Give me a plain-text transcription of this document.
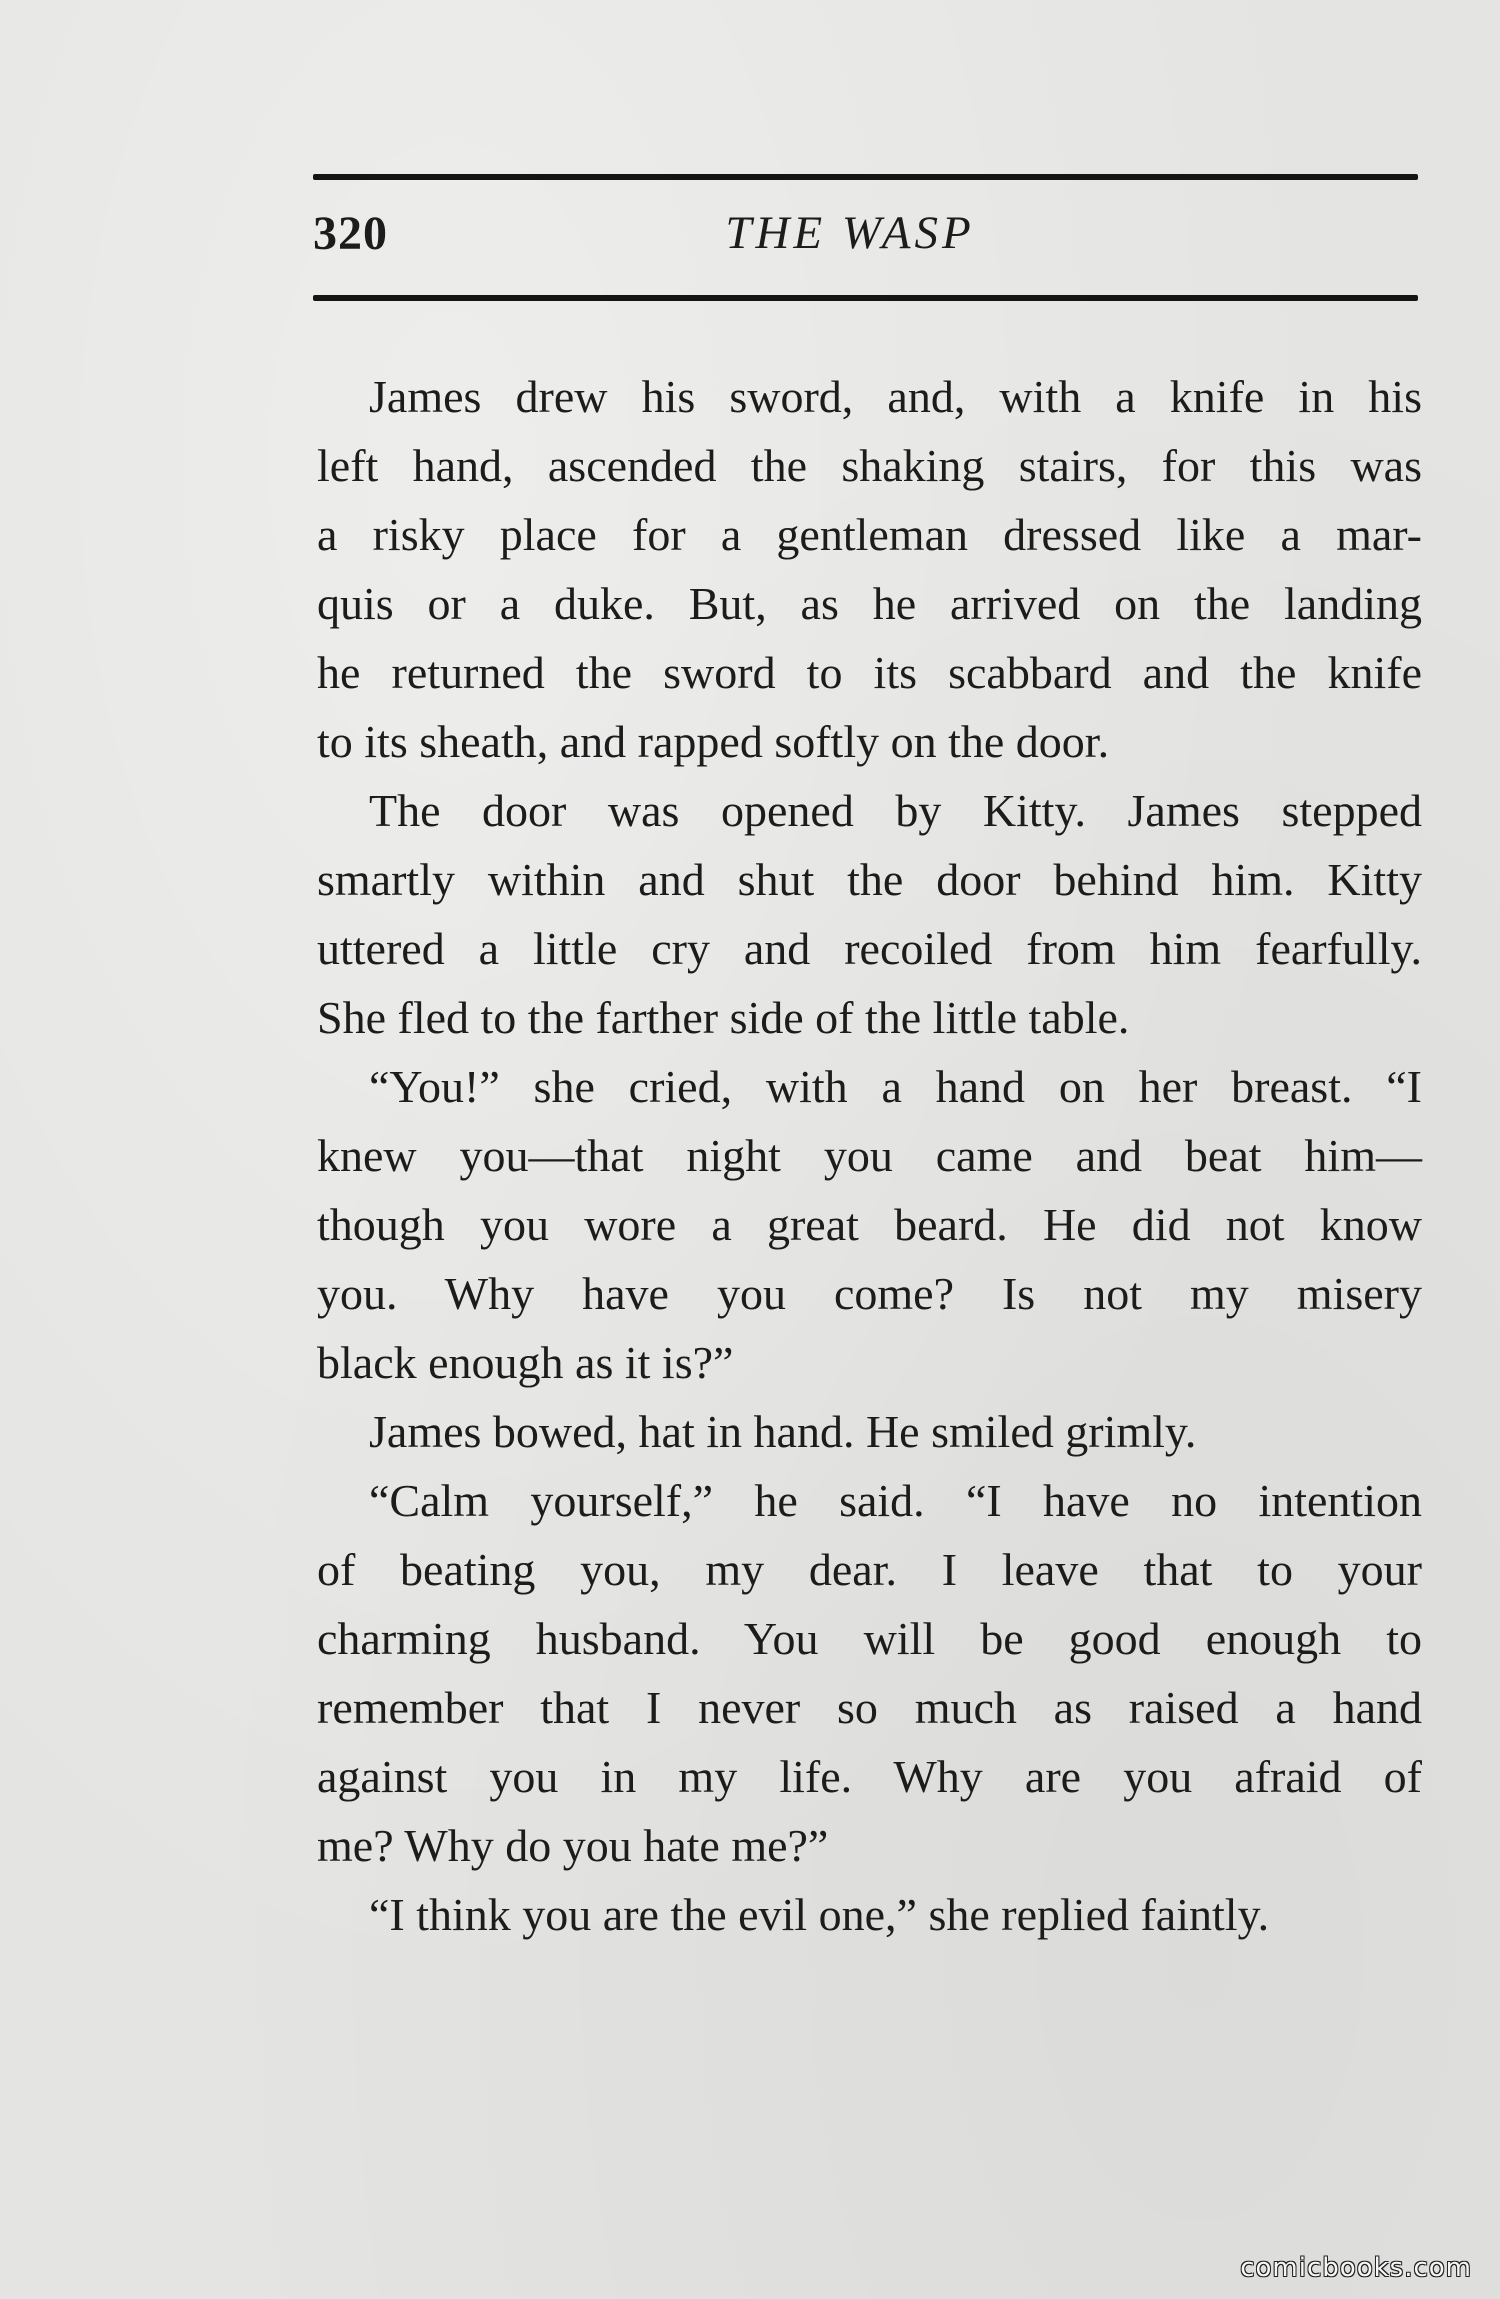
320	THE WASP
James drew his sword, and, with a knife in his
left hand, ascended the shaking stairs, for this was
a risky place for a gentleman dressed like a mar-
quis or a duke. But, as he arrived on the landing
he returned the sword to its scabbard and the knife
to its sheath, and rapped softly on the door.
The door was opened by Kitty. James stepped
smartly within and shut the door behind him. Kitty
uttered a little cry and recoiled from him fearfully.
She fled to the farther side of the little table.
“You!” she cried, with a hand on her breast. “I
knew you—that night you came and beat him—
though you wore a great beard. He did not know
you. Why have you come? Is not my misery
black enough as it is?”
James bowed, hat in hand. He smiled grimly.
“Calm yourself,” he said. “I have no intention
of beating you, my dear. I leave that to your
charming husband. You will be good enough to
remember that I never so much as raised a hand
against you in my life. Why are you afraid of
me? Why do you hate me?”
“I think you are the evil one,” she replied faintly.
comicbooks.com
